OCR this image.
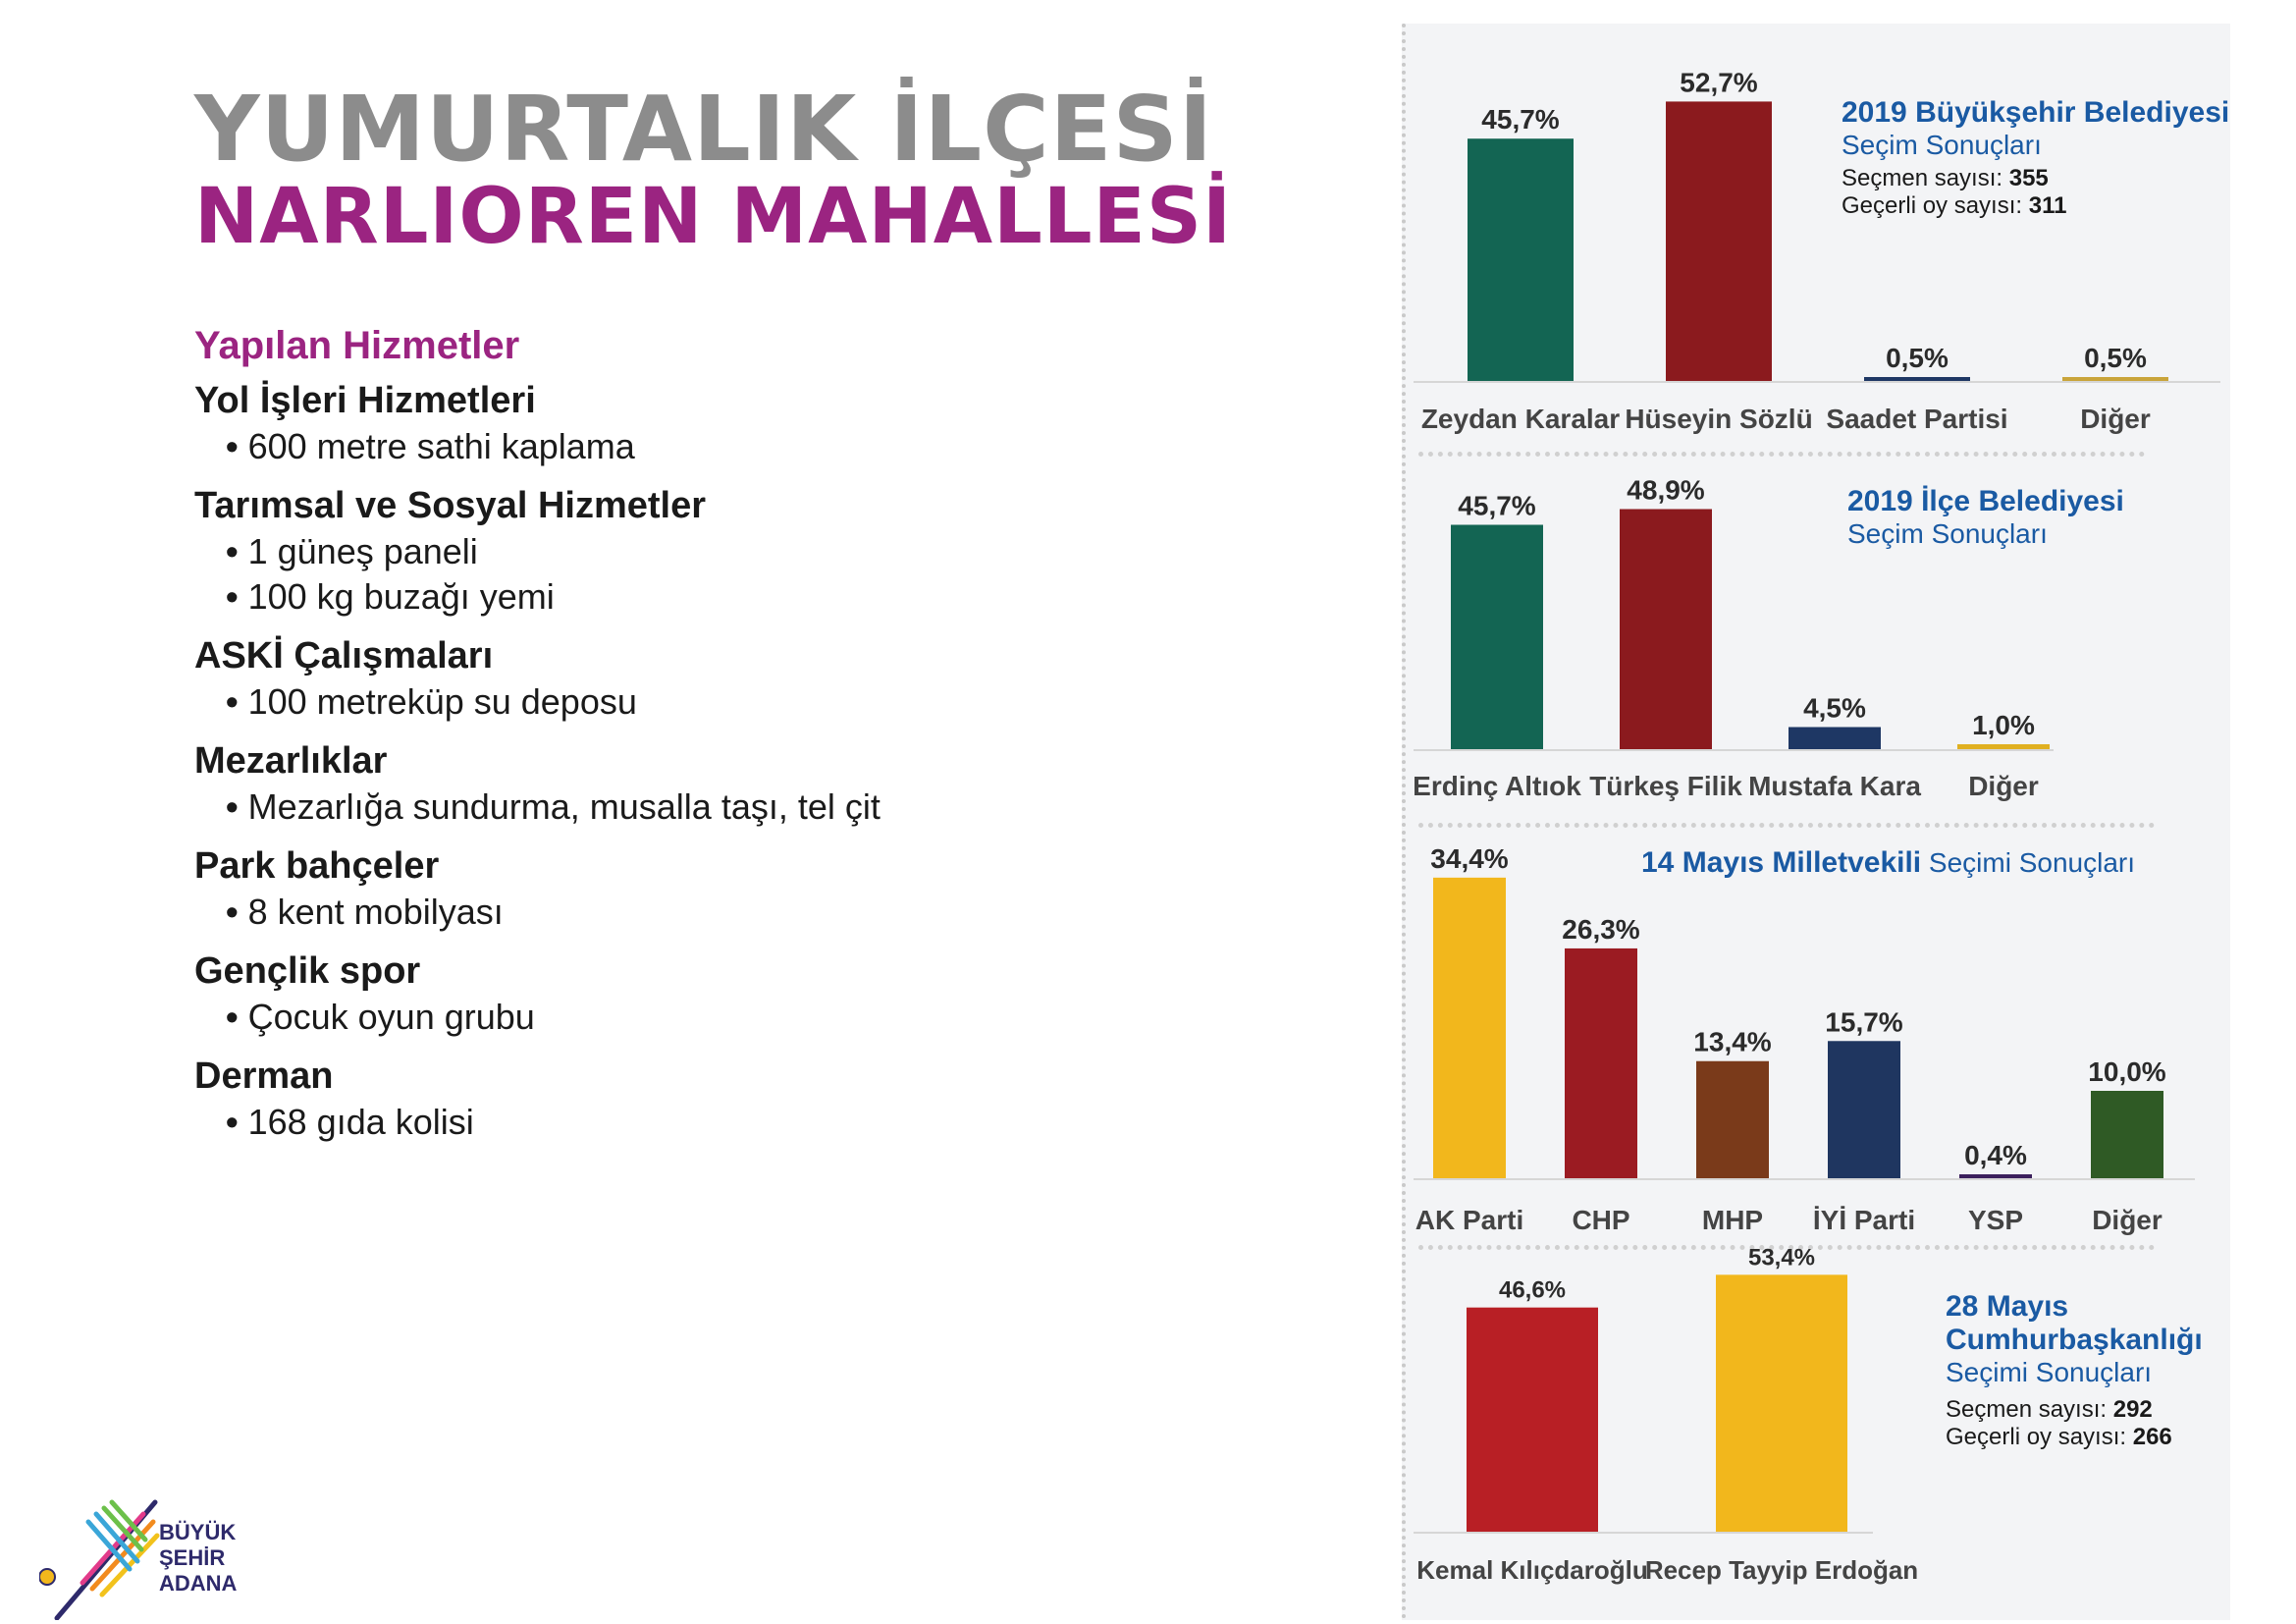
YUMURTALIK İLÇESİ
NARLIOREN MAHALLESİ
Yapılan Hizmetler
Yol İşleri Hizmetleri
• 600 metre sathi kaplama
Tarımsal ve Sosyal Hizmetler
• 1 güneş paneli
• 100 kg buzağı yemi
ASKİ Çalışmaları
• 100 metreküp su deposu
Mezarlıklar
• Mezarlığa sundurma, musalla taşı, tel çit
Park bahçeler
• 8 kent mobilyası
Gençlik spor
• Çocuk oyun grubu
Derman
• 168 gıda kolisi
45,7%
Zeydan Karalar
52,7%
Hüseyin Sözlü
0,5%
Saadet Partisi
0,5%
Diğer
45,7%
Erdinç Altıok
48,9%
Türkeş Filik
4,5%
Mustafa Kara
1,0%
Diğer
34,4%
AK Parti
26,3%
CHP
13,4%
MHP
15,7%
İYİ Parti
0,4%
YSP
10,0%
Diğer
46,6%
Kemal Kılıçdaroğlu
53,4%
Recep Tayyip Erdoğan
2019 Büyükşehir Belediyesi
Seçim Sonuçları
Seçmen sayısı: 355
Geçerli oy sayısı: 311
2019 İlçe Belediyesi
Seçim Sonuçları
14 Mayıs Milletvekili Seçimi Sonuçları
28 Mayıs
Cumhurbaşkanlığı
Seçimi Sonuçları
Seçmen sayısı: 292
Geçerli oy sayısı: 266
BÜYÜK
ŞEHİR
ADANA
